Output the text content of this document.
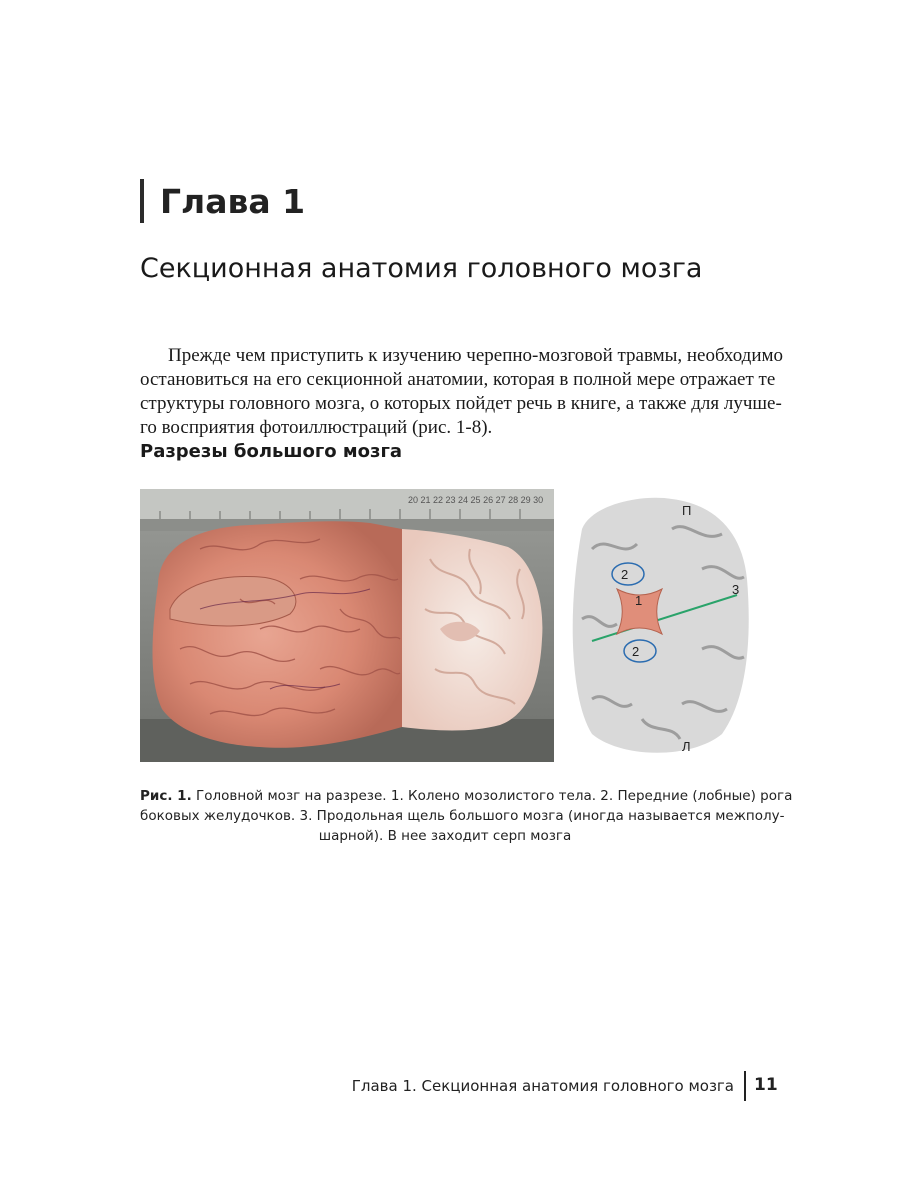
Глава 1
Секционная анатомия головного мозга

Прежде чем приступить к изучению черепно-мозговой травмы, необходимо
остановиться на его секционной анатомии, которая в полной мере отражает те
структуры головного мозга, о которых пойдет речь в книге, а также для лучше-
го восприятия фотоиллюстраций (рис. 1-8).

Разрезы большого мозга
20 21 22 23 24 25 26 27 28 29 30
1
2
2
П
3
Л

Рис. 1. Головной мозг на разрезе. 1. Колено мозолистого тела. 2. Передние (лобные) рога
боковых желудочков. 3. Продольная щель большого мозга (иногда называется межполу-
шарной). В нее заходит серп мозга

Глава 1. Секционная анатомия головного мозга 11
